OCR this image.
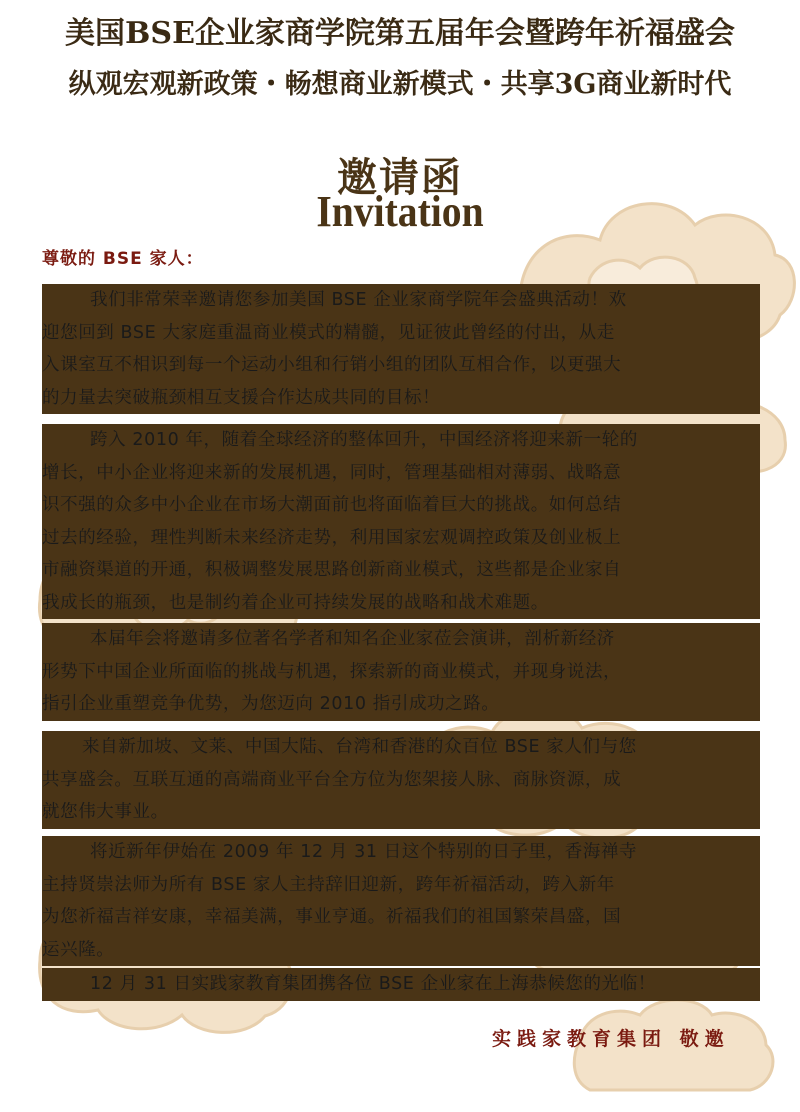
美国BSE企业家商学院第五届年会暨跨年祈福盛会
纵观宏观新政策・畅想商业新模式・共享3G商业新时代
邀请函
Invitation
尊敬的 BSE 家人：
我们非常荣幸邀请您参加美国 BSE 企业家商学院年会盛典活动！欢
迎您回到 BSE 大家庭重温商业模式的精髓，见证彼此曾经的付出，从走
入课室互不相识到每一个运动小组和行销小组的团队互相合作，以更强大
的力量去突破瓶颈相互支援合作达成共同的目标！
跨入 2010 年，随着全球经济的整体回升，中国经济将迎来新一轮的
增长，中小企业将迎来新的发展机遇，同时，管理基础相对薄弱、战略意
识不强的众多中小企业在市场大潮面前也将面临着巨大的挑战。如何总结
过去的经验，理性判断未来经济走势，利用国家宏观调控政策及创业板上
市融资渠道的开通，积极调整发展思路创新商业模式，这些都是企业家自
我成长的瓶颈，也是制约着企业可持续发展的战略和战术难题。
本届年会将邀请多位著名学者和知名企业家莅会演讲，剖析新经济
形势下中国企业所面临的挑战与机遇，探索新的商业模式，并现身说法，
指引企业重塑竞争优势，为您迈向 2010 指引成功之路。
来自新加坡、文莱、中国大陆、台湾和香港的众百位 BSE 家人们与您
共享盛会。互联互通的高端商业平台全方位为您架接人脉、商脉资源，成
就您伟大事业。
将近新年伊始在 2009 年 12 月 31 日这个特别的日子里，香海禅寺
主持贤崇法师为所有 BSE 家人主持辞旧迎新，跨年祈福活动，跨入新年
为您祈福吉祥安康，幸福美满，事业亨通。祈福我们的祖国繁荣昌盛，国
运兴隆。
12 月 31 日实践家教育集团携各位 BSE 企业家在上海恭候您的光临！
实践家教育集团 敬邀
